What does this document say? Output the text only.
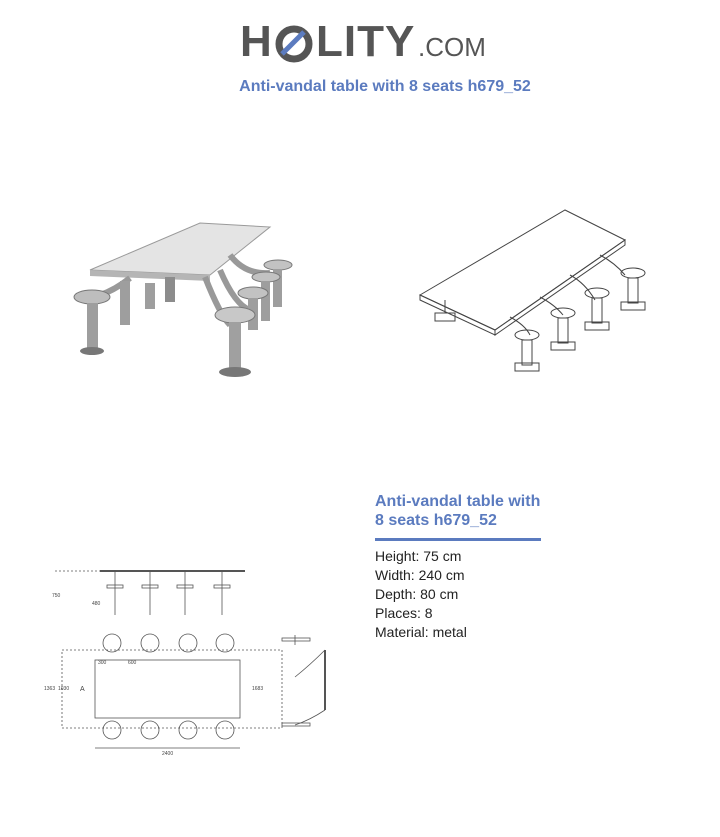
H LITY .COM
Anti-vandal table with 8 seats h679_52
750
480
1363 1030	1683
2400
300	600
A
Anti-vandal table with 8 seats h679_52
Height: 75 cm
Width: 240 cm
Depth: 80 cm
Places: 8
Material: metal
